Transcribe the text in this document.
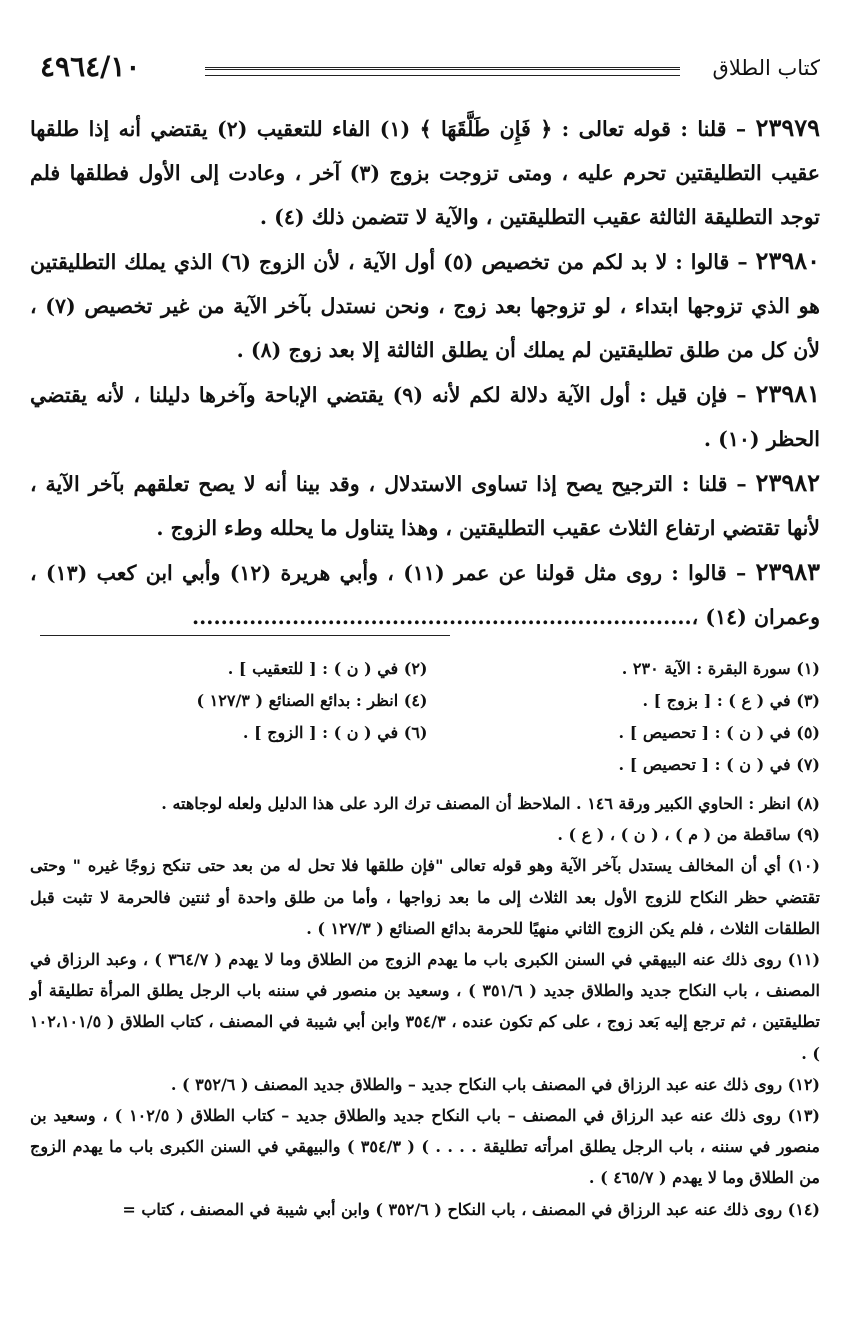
كتاب الطلاق
٤٩٦٤/١٠

٢٣٩٧٩ – قلنا : قوله تعالى : ﴿ فَإِن طَلَّقَهَا ﴾ (١) الفاء للتعقيب (٢) يقتضي أنه إذا طلقها عقيب التطليقتين تحرم عليه ، ومتى تزوجت بزوج (٣) آخر ، وعادت إلى الأول فطلقها فلم توجد التطليقة الثالثة عقيب التطليقتين ، والآية لا تتضمن ذلك (٤) .

٢٣٩٨٠ – قالوا : لا بد لكم من تخصيص (٥) أول الآية ، لأن الزوج (٦) الذي يملك التطليقتين هو الذي تزوجها ابتداء ، لو تزوجها بعد زوج ، ونحن نستدل بآخر الآية من غير تخصيص (٧) ، لأن كل من طلق تطليقتين لم يملك أن يطلق الثالثة إلا بعد زوج (٨) .

٢٣٩٨١ – فإن قيل : أول الآية دلالة لكم لأنه (٩) يقتضي الإباحة وآخرها دليلنا ، لأنه يقتضي الحظر (١٠) .

٢٣٩٨٢ – قلنا : الترجيح يصح إذا تساوى الاستدلال ، وقد بينا أنه لا يصح تعلقهم بآخر الآية ، لأنها تقتضي ارتفاع الثلاث عقيب التطليقتين ، وهذا يتناول ما يحلله وطء الزوج .

٢٣٩٨٣ – قالوا : روى مثل قولنا عن عمر (١١) ، وأبي هريرة (١٢) وأبي ابن كعب (١٣) ، وعمران (١٤) ،......................................................................

(١) سورة البقرة : الآية ٢٣٠ .
(٢) في ( ن ) : [ للتعقيب ] .
(٣) في ( ع ) : [ بزوج ] .
(٤) انظر : بدائع الصنائع ( ١٢٧/٣ )
(٥) في ( ن ) : [ تحصيص ] .
(٦) في ( ن ) : [ الزوج ] .
(٧) في ( ن ) : [ تحصيص ] .

(٨) انظر : الحاوي الكبير ورقة ١٤٦ . الملاحظ أن المصنف ترك الرد على هذا الدليل ولعله لوجاهته .

(٩) ساقطة من ( م ) ، ( ن ) ، ( ع ) .

(١٠) أي أن المخالف يستدل بآخر الآية وهو قوله تعالى "فإن طلقها فلا تحل له من بعد حتى تنكح زوجًا غيره " وحتى تقتضي حظر النكاح للزوج الأول بعد الثلاث إلى ما بعد زواجها ، وأما من طلق واحدة أو ثنتين فالحرمة لا تثبت قبل الطلقات الثلاث ، فلم يكن الزوج الثاني منهيًا للحرمة بدائع الصنائع ( ١٢٧/٣ ) .

(١١) روى ذلك عنه البيهقي في السنن الكبرى باب ما يهدم الزوج من الطلاق وما لا يهدم ( ٣٦٤/٧ ) ، وعبد الرزاق في المصنف ، باب النكاح جديد والطلاق جديد ( ٣٥١/٦ ) ، وسعيد بن منصور في سننه باب الرجل يطلق المرأة تطليقة أو تطليقتين ، ثم ترجع إليه بَعد زوج ، على كم تكون عنده ، ٣٥٤/٣ وابن أبي شيبة في المصنف ، كتاب الطلاق ( ١٠٢،١٠١/٥ ) .

(١٢) روى ذلك عنه عبد الرزاق في المصنف باب النكاح جديد – والطلاق جديد المصنف ( ٣٥٢/٦ ) .

(١٣) روى ذلك عنه عبد الرزاق في المصنف – باب النكاح جديد والطلاق جديد – كتاب الطلاق ( ١٠٢/٥ ) ، وسعيد بن منصور في سننه ، باب الرجل يطلق امرأته تطليقة . . . . ) ( ٣٥٤/٣ ) والبيهقي في السنن الكبرى باب ما يهدم الزوج من الطلاق وما لا يهدم ( ٤٦٥/٧ ) .

(١٤) روى ذلك عنه عبد الرزاق في المصنف ، باب النكاح ( ٣٥٢/٦ ) وابن أبي شيبة في المصنف ، كتاب =
